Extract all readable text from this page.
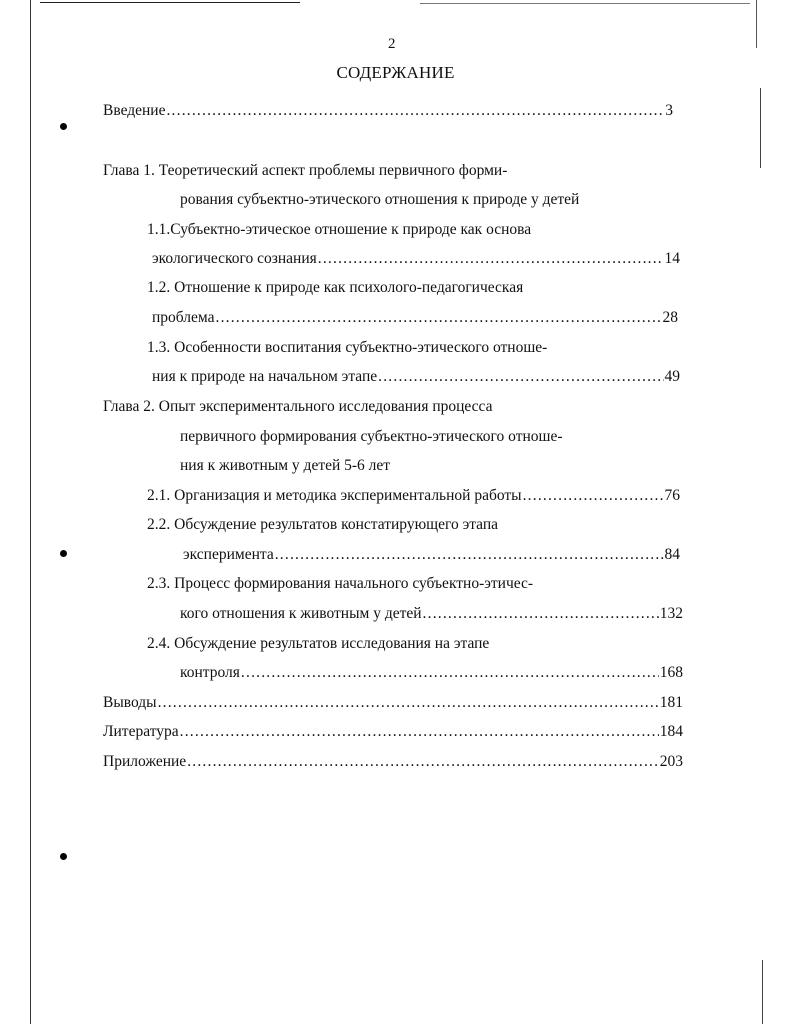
2
СОДЕРЖАНИЕ
Введение .....	3
Глава 1. Теоретический аспект проблемы первичного форми-
рования субъектно-этического отношения к природе у детей
1.1.Субъектно-этическое отношение к природе как основа
экологического сознания .....	14
1.2. Отношение к природе как психолого-педагогическая
проблема .....	28
1.3. Особенности воспитания субъектно-этического отноше-
ния к природе на начальном этапе .....	49
Глава 2. Опыт экспериментального исследования процесса
первичного формирования субъектно-этического отноше-
ния к животным у детей 5-6 лет
2.1. Организация и методика экспериментальной работы .....	76
2.2. Обсуждение результатов констатирующего этапа
эксперимента .....	84
2.3. Процесс формирования начального субъектно-этичес-
кого отношения к животным у детей .....	132
2.4. Обсуждение результатов исследования на этапе
контроля .....	168
Выводы .....	181
Литература .....	184
Приложение .....	203
